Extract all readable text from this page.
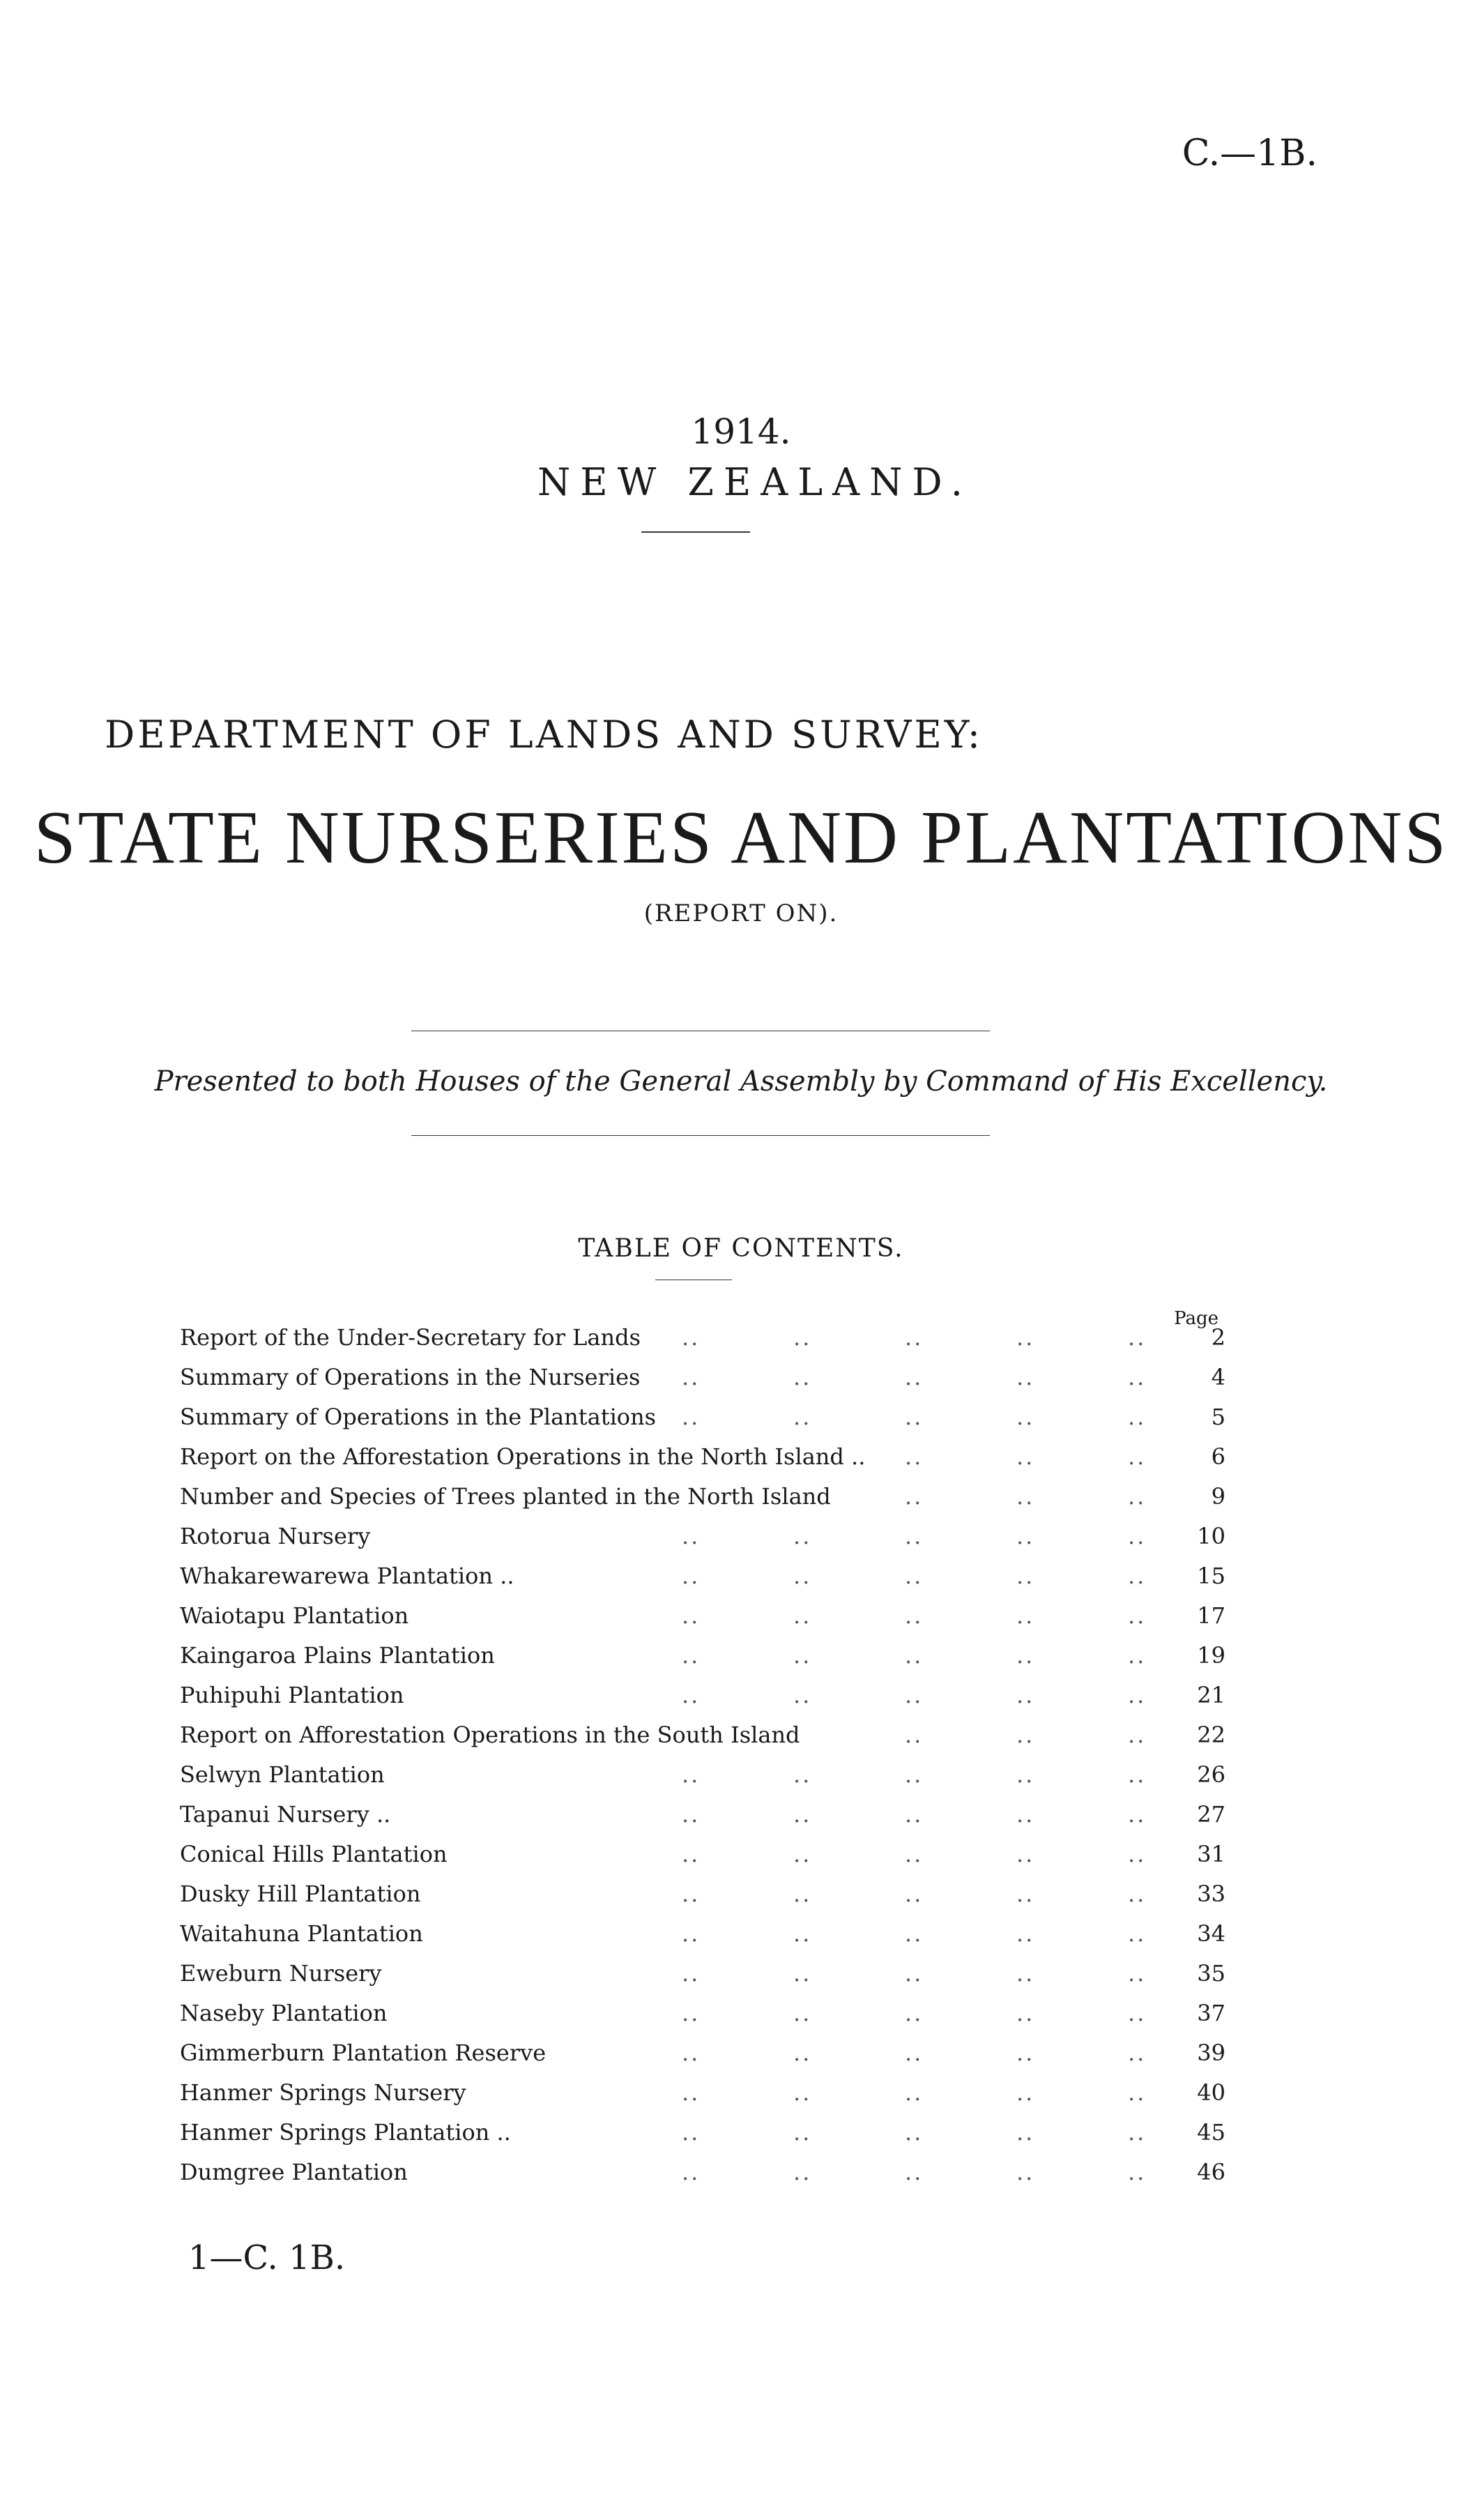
C.—1B.
1914.
NEW ZEALAND.
DEPARTMENT OF LANDS AND SURVEY:
STATE NURSERIES AND PLANTATIONS
(REPORT ON).
Presented to both Houses of the General Assembly by Command of His Excellency.
TABLE OF CONTENTS.
Page
Report of the Under-Secretary for Lands ..	..	..	..	..	2
Summary of Operations in the Nurseries ..	..	..	..	..	4
Summary of Operations in the Plantations ..	..	..	..	..	5
Report on the Afforestation Operations in the North Island .. ..	..	..	6
Number and Species of Trees planted in the North Island	..	..	..	9
Rotorua Nursery	..	..	..	..	..	10
Whakarewarewa Plantation ..	..	..	..	..	..	15
Waiotapu Plantation	..	..	..	..	..	17
Kaingaroa Plains Plantation	..	..	..	..	..	19
Puhipuhi Plantation	..	..	..	..	..	21
Report on Afforestation Operations in the South Island	..	..	..	22
Selwyn Plantation	..	..	..	..	..	26
Tapanui Nursery ..	..	..	..	..	..	27
Conical Hills Plantation	..	..	..	..	..	31
Dusky Hill Plantation	..	..	..	..	..	33
Waitahuna Plantation	..	..	..	..	..	34
Eweburn Nursery	..	..	..	..	..	35
Naseby Plantation	..	..	..	..	..	37
Gimmerburn Plantation Reserve	..	..	..	..	..	39
Hanmer Springs Nursery	..	..	..	..	..	40
Hanmer Springs Plantation ..	..	..	..	..	..	45
Dumgree Plantation	..	..	..	..	..	46
1—C. 1B.
